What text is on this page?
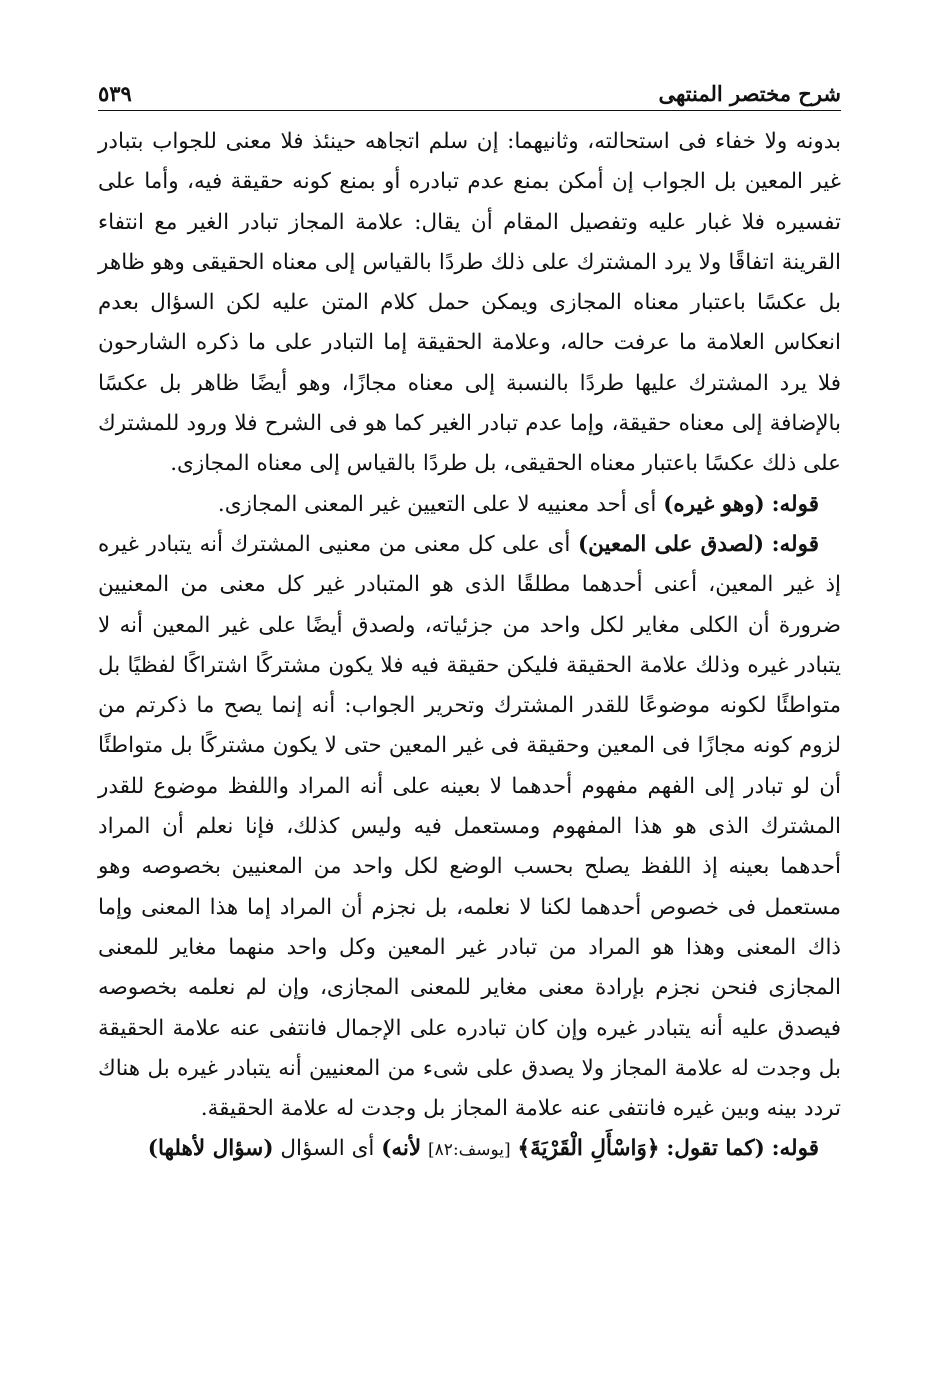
شرح مختصر المنتهى
٥٣٩

بدونه ولا خفاء فى استحالته، وثانيهما: إن سلم اتجاهه حينئذ فلا معنى للجواب بتبادر غير المعين بل الجواب إن أمكن بمنع عدم تبادره أو بمنع كونه حقيقة فيه، وأما على تفسيره فلا غبار عليه وتفصيل المقام أن يقال: علامة المجاز تبادر الغير مع انتفاء القرينة اتفاقًا ولا يرد المشترك على ذلك طردًا بالقياس إلى معناه الحقيقى وهو ظاهر بل عكسًا باعتبار معناه المجازى ويمكن حمل كلام المتن عليه لكن السؤال بعدم انعكاس العلامة ما عرفت حاله، وعلامة الحقيقة إما التبادر على ما ذكره الشارحون فلا يرد المشترك عليها طردًا بالنسبة إلى معناه مجازًا، وهو أيضًا ظاهر بل عكسًا بالإضافة إلى معناه حقيقة، وإما عدم تبادر الغير كما هو فى الشرح فلا ورود للمشترك على ذلك عكسًا باعتبار معناه الحقيقى، بل طردًا بالقياس إلى معناه المجازى.

قوله: (وهو غيره) أى أحد معنييه لا على التعيين غير المعنى المجازى.

قوله: (لصدق على المعين) أى على كل معنى من معنيى المشترك أنه يتبادر غيره إذ غير المعين، أعنى أحدهما مطلقًا الذى هو المتبادر غير كل معنى من المعنيين ضرورة أن الكلى مغاير لكل واحد من جزئياته، ولصدق أيضًا على غير المعين أنه لا يتبادر غيره وذلك علامة الحقيقة فليكن حقيقة فيه فلا يكون مشتركًا اشتراكًا لفظيًا بل متواطئًا لكونه موضوعًا للقدر المشترك وتحرير الجواب: أنه إنما يصح ما ذكرتم من لزوم كونه مجازًا فى المعين وحقيقة فى غير المعين حتى لا يكون مشتركًا بل متواطئًا أن لو تبادر إلى الفهم مفهوم أحدهما لا بعينه على أنه المراد واللفظ موضوع للقدر المشترك الذى هو هذا المفهوم ومستعمل فيه وليس كذلك، فإنا نعلم أن المراد أحدهما بعينه إذ اللفظ يصلح بحسب الوضع لكل واحد من المعنيين بخصوصه وهو مستعمل فى خصوص أحدهما لكنا لا نعلمه، بل نجزم أن المراد إما هذا المعنى وإما ذاك المعنى وهذا هو المراد من تبادر غير المعين وكل واحد منهما مغاير للمعنى المجازى فنحن نجزم بإرادة معنى مغاير للمعنى المجازى، وإن لم نعلمه بخصوصه فيصدق عليه أنه يتبادر غيره وإن كان تبادره على الإجمال فانتفى عنه علامة الحقيقة بل وجدت له علامة المجاز ولا يصدق على شىء من المعنيين أنه يتبادر غيره بل هناك تردد بينه وبين غيره فانتفى عنه علامة المجاز بل وجدت له علامة الحقيقة.

قوله: (كما تقول: ﴿وَاسْأَلِ الْقَرْيَةَ﴾ [يوسف:٨٢] لأنه) أى السؤال (سؤال لأهلها)
